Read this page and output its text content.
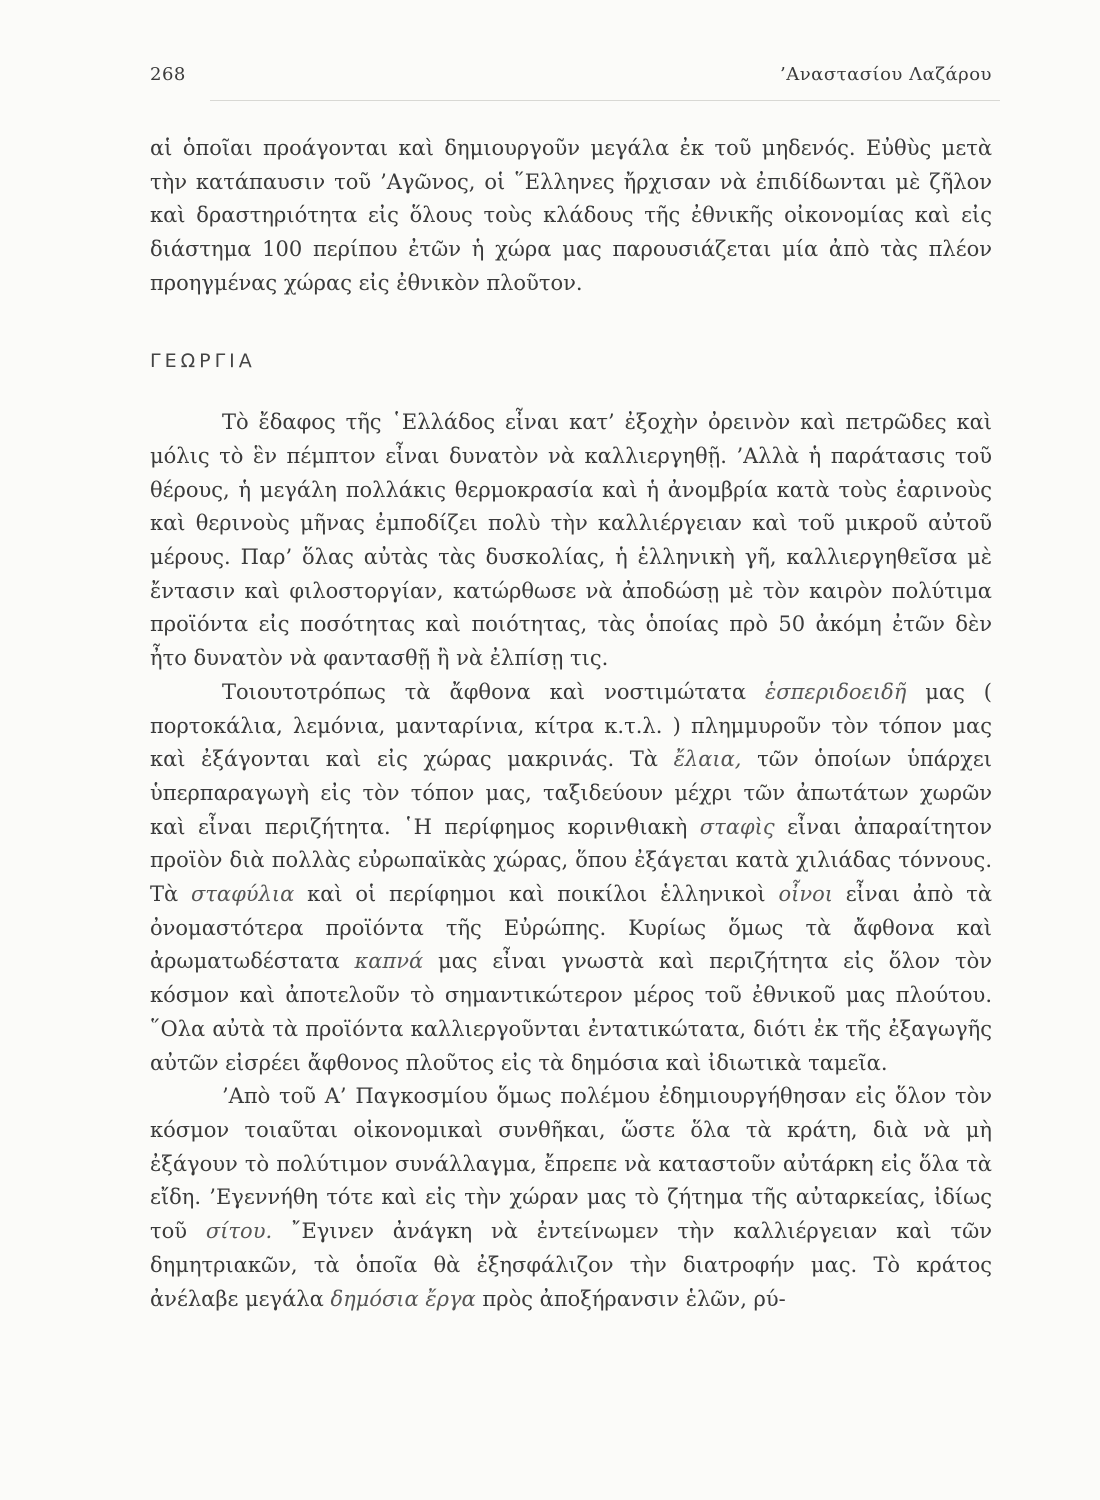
268	’Αναστασίου Λαζάρου

αἱ ὁποῖαι προάγονται καὶ δημιουργοῦν μεγάλα ἐκ τοῦ μηδενός. Εὐθὺς μετὰ τὴν κατάπαυσιν τοῦ ’Αγῶνος, οἱ ῞Ελληνες ἤρχισαν νὰ ἐπιδίδωνται μὲ ζῆλον καὶ δραστηριότητα εἰς ὅλους τοὺς κλάδους τῆς ἐθνικῆς οἰκονομίας καὶ εἰς διάστημα 100 περίπου ἐτῶν ἡ χώρα μας παρουσιάζεται μία ἀπὸ τὰς πλέον προηγμένας χώρας εἰς ἐθνικὸν πλοῦτον.

ΓΕΩΡΓΙΑ

Τὸ ἔδαφος τῆς ῾Ελλάδος εἶναι κατ’ ἐξοχὴν ὀρεινὸν καὶ πετρῶδες καὶ μόλις τὸ ἓν πέμπτον εἶναι δυνατὸν νὰ καλλιεργηθῇ. ’Αλλὰ ἡ παράτασις τοῦ θέρους, ἡ μεγάλη πολλάκις θερμοκρασία καὶ ἡ ἀνομβρία κατὰ τοὺς ἐαρινοὺς καὶ θερινοὺς μῆνας ἐμποδίζει πολὺ τὴν καλλιέργειαν καὶ τοῦ μικροῦ αὐτοῦ μέρους. Παρ’ ὅλας αὐτὰς τὰς δυσκολίας, ἡ ἑλληνικὴ γῆ, καλλιεργηθεῖσα μὲ ἔντασιν καὶ φιλοστοργίαν, κατώρθωσε νὰ ἀποδώσῃ μὲ τὸν καιρὸν πολύτιμα προϊόντα εἰς ποσότητας καὶ ποιότητας, τὰς ὁποίας πρὸ 50 ἀκόμη ἐτῶν δὲν ἦτο δυνατὸν νὰ φαντασθῇ ἢ νὰ ἐλπίσῃ τις.

Τοιουτοτρόπως τὰ ἄφθονα καὶ νοστιμώτατα ἑσπεριδοειδῆ μας ( πορτοκάλια, λεμόνια, μανταρίνια, κίτρα κ.τ.λ. ) πλημμυροῦν τὸν τόπον μας καὶ ἐξάγονται καὶ εἰς χώρας μακρινάς. Τὰ ἔλαια, τῶν ὁποίων ὑπάρχει ὑπερπαραγωγὴ εἰς τὸν τόπον μας, ταξιδεύουν μέχρι τῶν ἀπωτάτων χωρῶν καὶ εἶναι περιζήτητα. ῾Η περίφημος κορινθιακὴ σταφὶς εἶναι ἀπαραίτητον προϊὸν διὰ πολλὰς εὐρωπαϊκὰς χώρας, ὅπου ἐξάγεται κατὰ χιλιάδας τόννους. Τὰ σταφύλια καὶ οἱ περίφημοι καὶ ποικίλοι ἑλληνικοὶ οἶνοι εἶναι ἀπὸ τὰ ὀνομαστότερα προϊόντα τῆς Εὐρώπης. Κυρίως ὅμως τὰ ἄφθονα καὶ ἀρωματωδέστατα καπνά μας εἶναι γνωστὰ καὶ περιζήτητα εἰς ὅλον τὸν κόσμον καὶ ἀποτελοῦν τὸ σημαντικώτερον μέρος τοῦ ἐθνικοῦ μας πλούτου. ῞Ολα αὐτὰ τὰ προϊόντα καλλιεργοῦνται ἐντατικώτατα, διότι ἐκ τῆς ἐξαγωγῆς αὐτῶν εἰσρέει ἄφθονος πλοῦτος εἰς τὰ δημόσια καὶ ἰδιωτικὰ ταμεῖα.

’Απὸ τοῦ Α’ Παγκοσμίου ὅμως πολέμου ἐδημιουργήθησαν εἰς ὅλον τὸν κόσμον τοιαῦται οἰκονομικαὶ συνθῆκαι, ὥστε ὅλα τὰ κράτη, διὰ νὰ μὴ ἐξάγουν τὸ πολύτιμον συνάλλαγμα, ἔπρεπε νὰ καταστοῦν αὐτάρκη εἰς ὅλα τὰ εἴδη. ’Εγεννήθη τότε καὶ εἰς τὴν χώραν μας τὸ ζήτημα τῆς αὐταρκείας, ἰδίως τοῦ σίτου. ῎Εγινεν ἀνάγκη νὰ ἐντείνωμεν τὴν καλλιέργειαν καὶ τῶν δημητριακῶν, τὰ ὁποῖα θὰ ἐξησφάλιζον τὴν διατροφήν μας. Τὸ κράτος ἀνέλαβε μεγάλα δημόσια ἔργα πρὸς ἀποξήρανσιν ἑλῶν, ρύ-
